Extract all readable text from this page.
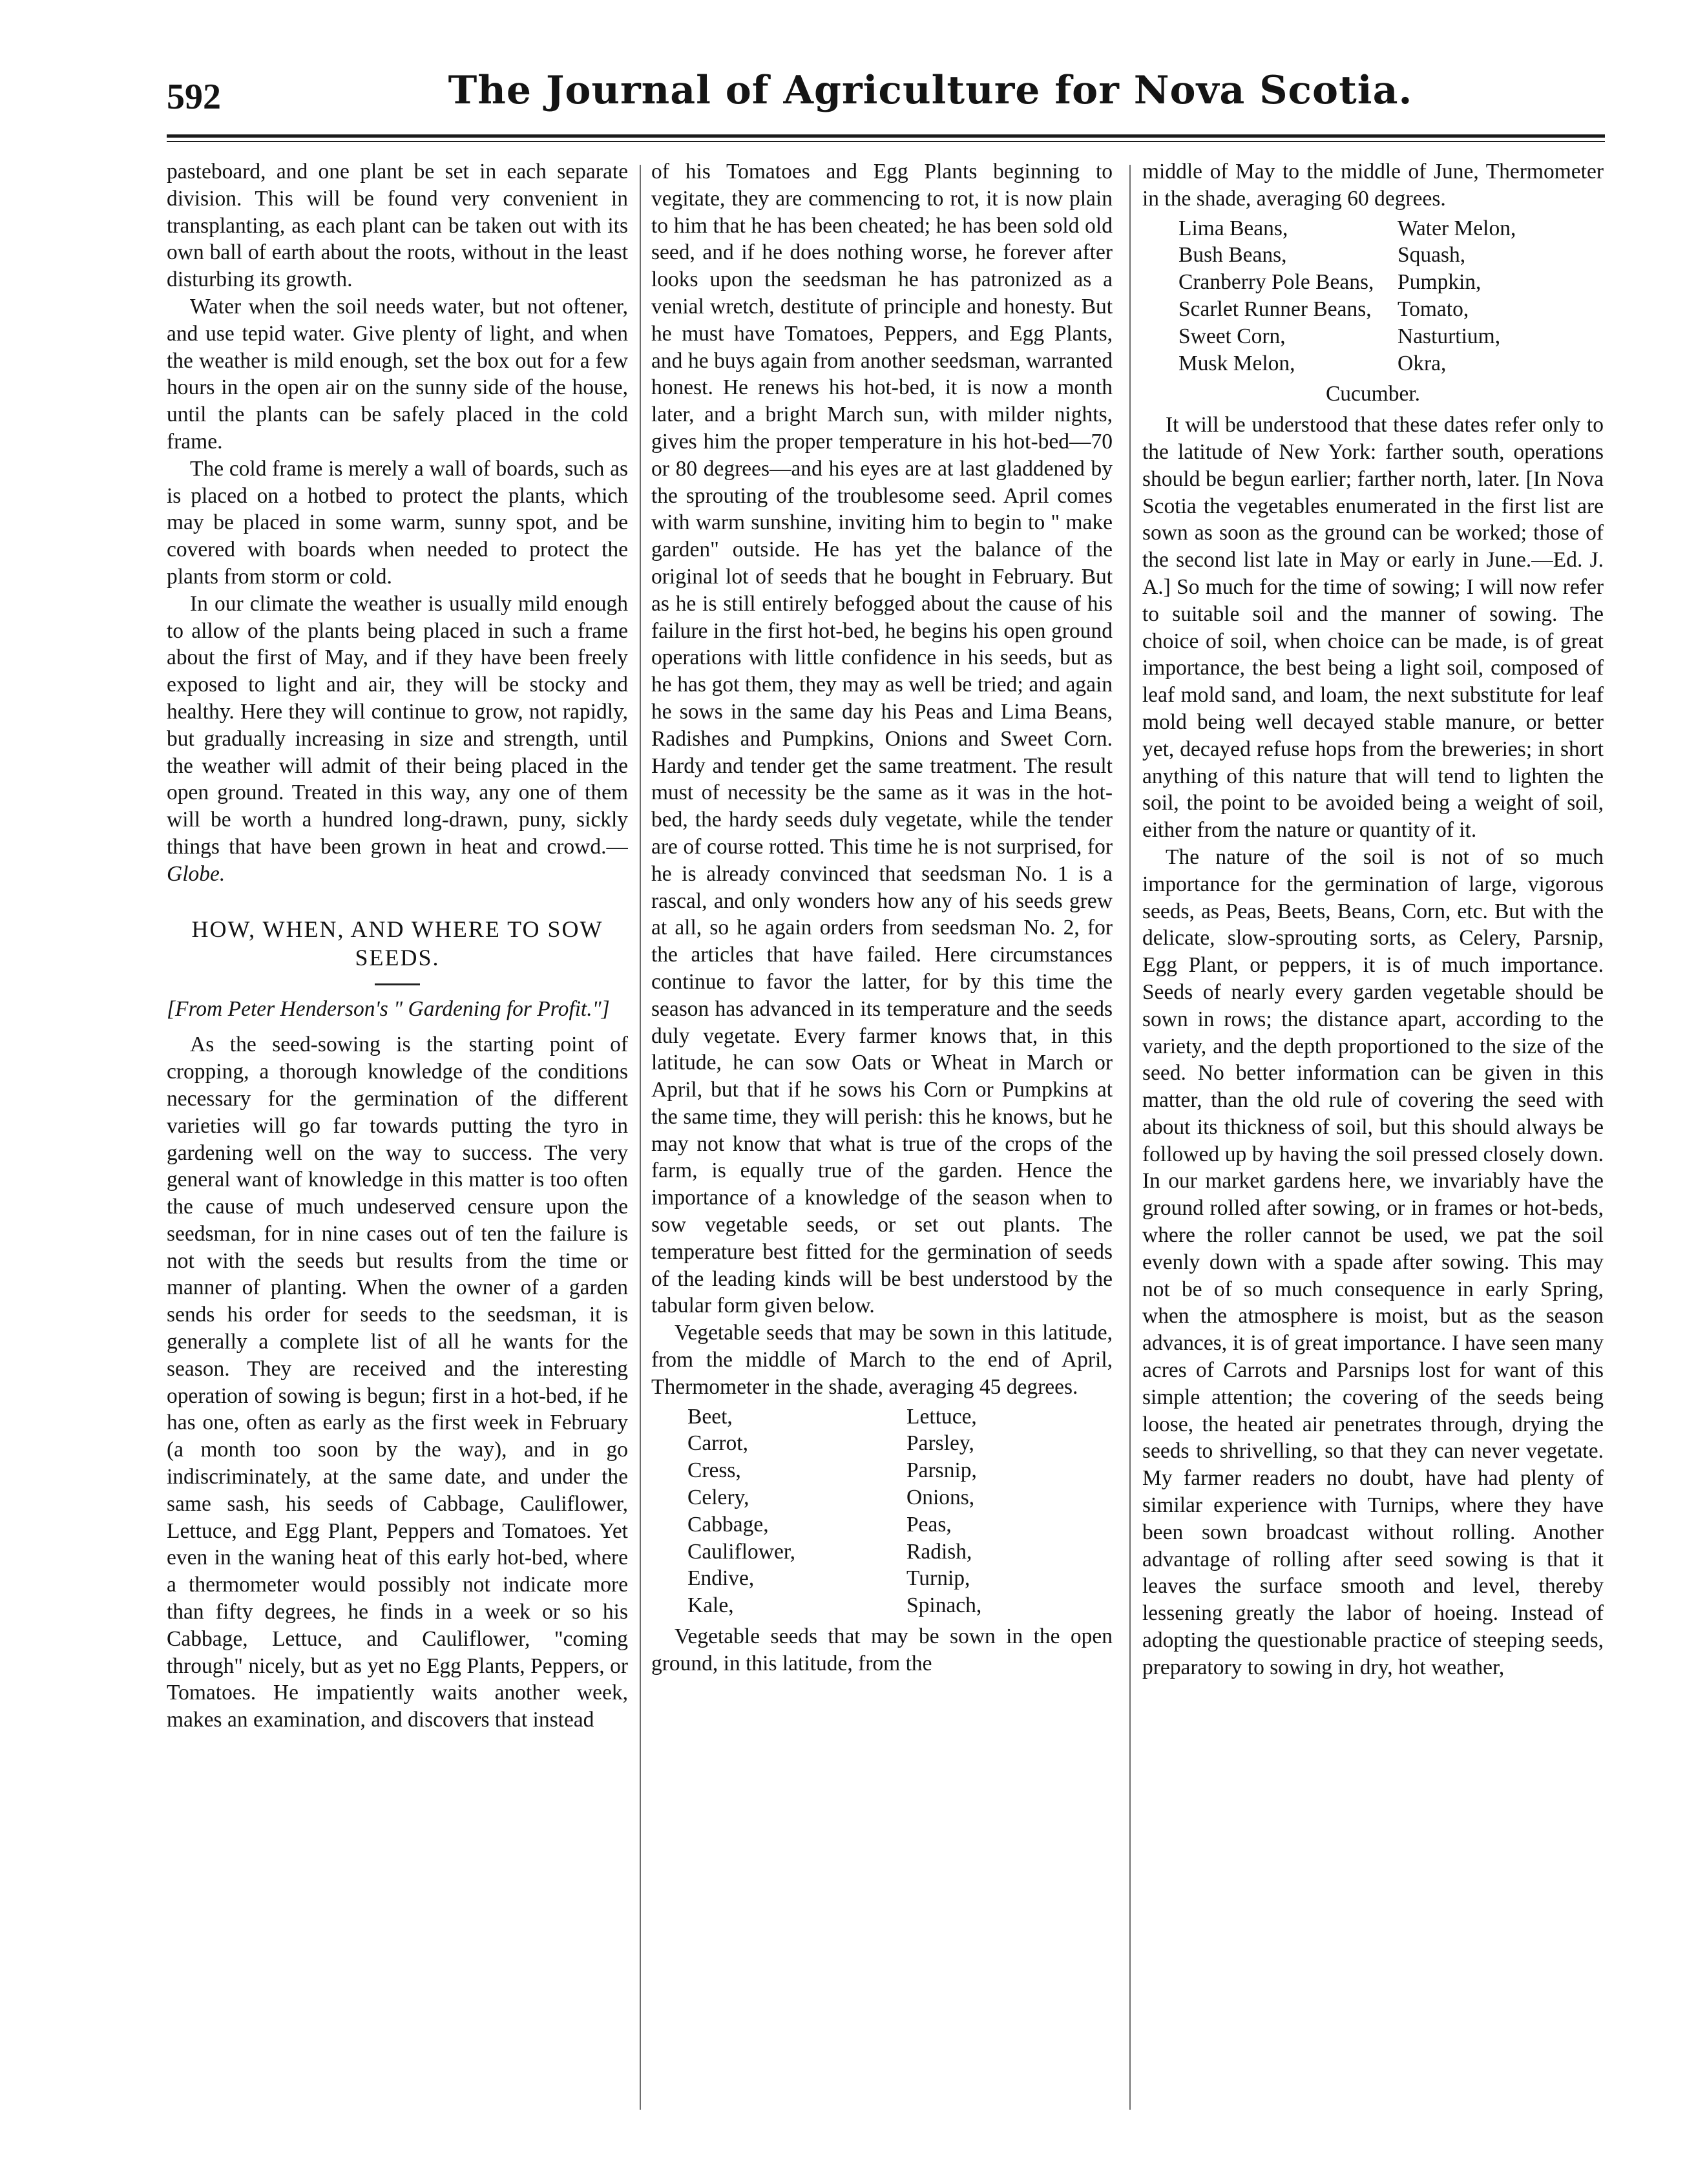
592	The Journal of Agriculture for Nova Scotia.

pasteboard, and one plant be set in each separate division. This will be found very convenient in transplanting, as each plant can be taken out with its own ball of earth about the roots, without in the least disturbing its growth.

Water when the soil needs water, but not oftener, and use tepid water. Give plenty of light, and when the weather is mild enough, set the box out for a few hours in the open air on the sunny side of the house, until the plants can be safely placed in the cold frame.

The cold frame is merely a wall of boards, such as is placed on a hotbed to protect the plants, which may be placed in some warm, sunny spot, and be covered with boards when needed to protect the plants from storm or cold.

In our climate the weather is usually mild enough to allow of the plants being placed in such a frame about the first of May, and if they have been freely exposed to light and air, they will be stocky and healthy. Here they will continue to grow, not rapidly, but gradually increasing in size and strength, until the weather will admit of their being placed in the open ground. Treated in this way, any one of them will be worth a hundred long-drawn, puny, sickly things that have been grown in heat and crowd.—Globe.

HOW, WHEN, AND WHERE TO SOW SEEDS.

[From Peter Henderson's " Gardening for Profit."]

As the seed-sowing is the starting point of cropping, a thorough knowledge of the conditions necessary for the germination of the different varieties will go far towards putting the tyro in gardening well on the way to success. The very general want of knowledge in this matter is too often the cause of much undeserved censure upon the seedsman, for in nine cases out of ten the failure is not with the seeds but results from the time or manner of planting. When the owner of a garden sends his order for seeds to the seedsman, it is generally a complete list of all he wants for the season. They are received and the interesting operation of sowing is begun; first in a hot-bed, if he has one, often as early as the first week in February (a month too soon by the way), and in go indiscriminately, at the same date, and under the same sash, his seeds of Cabbage, Cauliflower, Lettuce, and Egg Plant, Peppers and Tomatoes. Yet even in the waning heat of this early hot-bed, where a thermometer would possibly not indicate more than fifty degrees, he finds in a week or so his Cabbage, Lettuce, and Cauliflower, "coming through" nicely, but as yet no Egg Plants, Peppers, or Tomatoes. He impatiently waits another week, makes an examination, and discovers that instead

of his Tomatoes and Egg Plants beginning to vegitate, they are commencing to rot, it is now plain to him that he has been cheated; he has been sold old seed, and if he does nothing worse, he forever after looks upon the seedsman he has patronized as a venial wretch, destitute of principle and honesty. But he must have Tomatoes, Peppers, and Egg Plants, and he buys again from another seedsman, warranted honest. He renews his hot-bed, it is now a month later, and a bright March sun, with milder nights, gives him the proper temperature in his hot-bed—70 or 80 degrees—and his eyes are at last gladdened by the sprouting of the troublesome seed. April comes with warm sunshine, inviting him to begin to " make garden" outside. He has yet the balance of the original lot of seeds that he bought in February. But as he is still entirely befogged about the cause of his failure in the first hot-bed, he begins his open ground operations with little confidence in his seeds, but as he has got them, they may as well be tried; and again he sows in the same day his Peas and Lima Beans, Radishes and Pumpkins, Onions and Sweet Corn. Hardy and tender get the same treatment. The result must of necessity be the same as it was in the hot-bed, the hardy seeds duly vegetate, while the tender are of course rotted. This time he is not surprised, for he is already convinced that seedsman No. 1 is a rascal, and only wonders how any of his seeds grew at all, so he again orders from seedsman No. 2, for the articles that have failed. Here circumstances continue to favor the latter, for by this time the season has advanced in its temperature and the seeds duly vegetate. Every farmer knows that, in this latitude, he can sow Oats or Wheat in March or April, but that if he sows his Corn or Pumpkins at the same time, they will perish: this he knows, but he may not know that what is true of the crops of the farm, is equally true of the garden. Hence the importance of a knowledge of the season when to sow vegetable seeds, or set out plants. The temperature best fitted for the germination of seeds of the leading kinds will be best understood by the tabular form given below.

Vegetable seeds that may be sown in this latitude, from the middle of March to the end of April, Thermometer in the shade, averaging 45 degrees.

Beet,	Lettuce,
Carrot,	Parsley,
Cress,	Parsnip,
Celery,	Onions,
Cabbage,	Peas,
Cauliflower,	Radish,
Endive,	Turnip,
Kale,	Spinach,

Vegetable seeds that may be sown in the open ground, in this latitude, from the

middle of May to the middle of June, Thermometer in the shade, averaging 60 degrees.

Lima Beans,	Water Melon,
Bush Beans,	Squash,
Cranberry Pole Beans,	Pumpkin,
Scarlet Runner Beans,	Tomato,
Sweet Corn,	Nasturtium,
Musk Melon,	Okra,
Cucumber.

It will be understood that these dates refer only to the latitude of New York: farther south, operations should be begun earlier; farther north, later. [In Nova Scotia the vegetables enumerated in the first list are sown as soon as the ground can be worked; those of the second list late in May or early in June.—Ed. J. A.] So much for the time of sowing; I will now refer to suitable soil and the manner of sowing. The choice of soil, when choice can be made, is of great importance, the best being a light soil, composed of leaf mold sand, and loam, the next substitute for leaf mold being well decayed stable manure, or better yet, decayed refuse hops from the breweries; in short anything of this nature that will tend to lighten the soil, the point to be avoided being a weight of soil, either from the nature or quantity of it.

The nature of the soil is not of so much importance for the germination of large, vigorous seeds, as Peas, Beets, Beans, Corn, etc. But with the delicate, slow-sprouting sorts, as Celery, Parsnip, Egg Plant, or peppers, it is of much importance. Seeds of nearly every garden vegetable should be sown in rows; the distance apart, according to the variety, and the depth proportioned to the size of the seed. No better information can be given in this matter, than the old rule of covering the seed with about its thickness of soil, but this should always be followed up by having the soil pressed closely down. In our market gardens here, we invariably have the ground rolled after sowing, or in frames or hot-beds, where the roller cannot be used, we pat the soil evenly down with a spade after sowing. This may not be of so much consequence in early Spring, when the atmosphere is moist, but as the season advances, it is of great importance. I have seen many acres of Carrots and Parsnips lost for want of this simple attention; the covering of the seeds being loose, the heated air penetrates through, drying the seeds to shrivelling, so that they can never vegetate. My farmer readers no doubt, have had plenty of similar experience with Turnips, where they have been sown broadcast without rolling. Another advantage of rolling after seed sowing is that it leaves the surface smooth and level, thereby lessening greatly the labor of hoeing. Instead of adopting the questionable practice of steeping seeds, preparatory to sowing in dry, hot weather,
